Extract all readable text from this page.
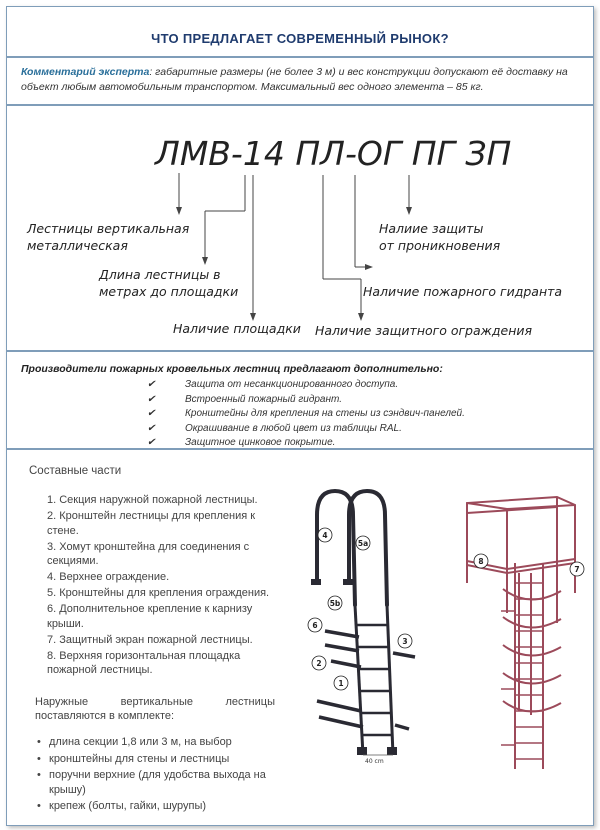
ЧТО ПРЕДЛАГАЕТ СОВРЕМЕННЫЙ РЫНОК?
Комментарий эксперта: габаритные размеры (не более 3 м) и вес конструкции допускают её доставку на объект любым автомобильным транспортом. Максимальный вес одного элемента – 85 кг.
ЛМВ-14 ПЛ-ОГ ПГ ЗП
Лестницы вертикальная
металлическая
Длина лестницы в
метрах до площадки
Наличие площадки Наличие защитного ограждения
Наличие пожарного гидранта
Налиие защиты
от проникновения
Производители пожарных кровельных лестниц предлагают дополнительно:
✔	Защита от несанкционированного доступа.
✔	Встроенный пожарный гидрант.
✔	Кронштейны для крепления на стены из сэндвич-панелей.
✔	Окрашивание в любой цвет из таблицы RAL.
✔	Защитное цинковое покрытие.
Составные части
1. Секция наружной пожарной лестницы.
2. Кронштейн лестницы для крепления к стене.
3. Хомут кронштейна для соединения с секциями.
4. Верхнее ограждение.
5. Кронштейны для крепления ограждения.
6. Дополнительное крепление к карнизу крыши.
7. Защитный экран пожарной лестницы.
8. Верхняя горизонтальная площадка пожарной лестницы.
Наружные вертикальные лестницы
поставляются в комплекте:
• длина секции 1,8 или 3 м, на выбор
• кронштейны для стены и лестницы
• поручни верхние (для удобства выхода на крышу)
• крепеж (болты, гайки, шурупы)
40 cm
4
5a
5b
6
3
2
1
8
7
